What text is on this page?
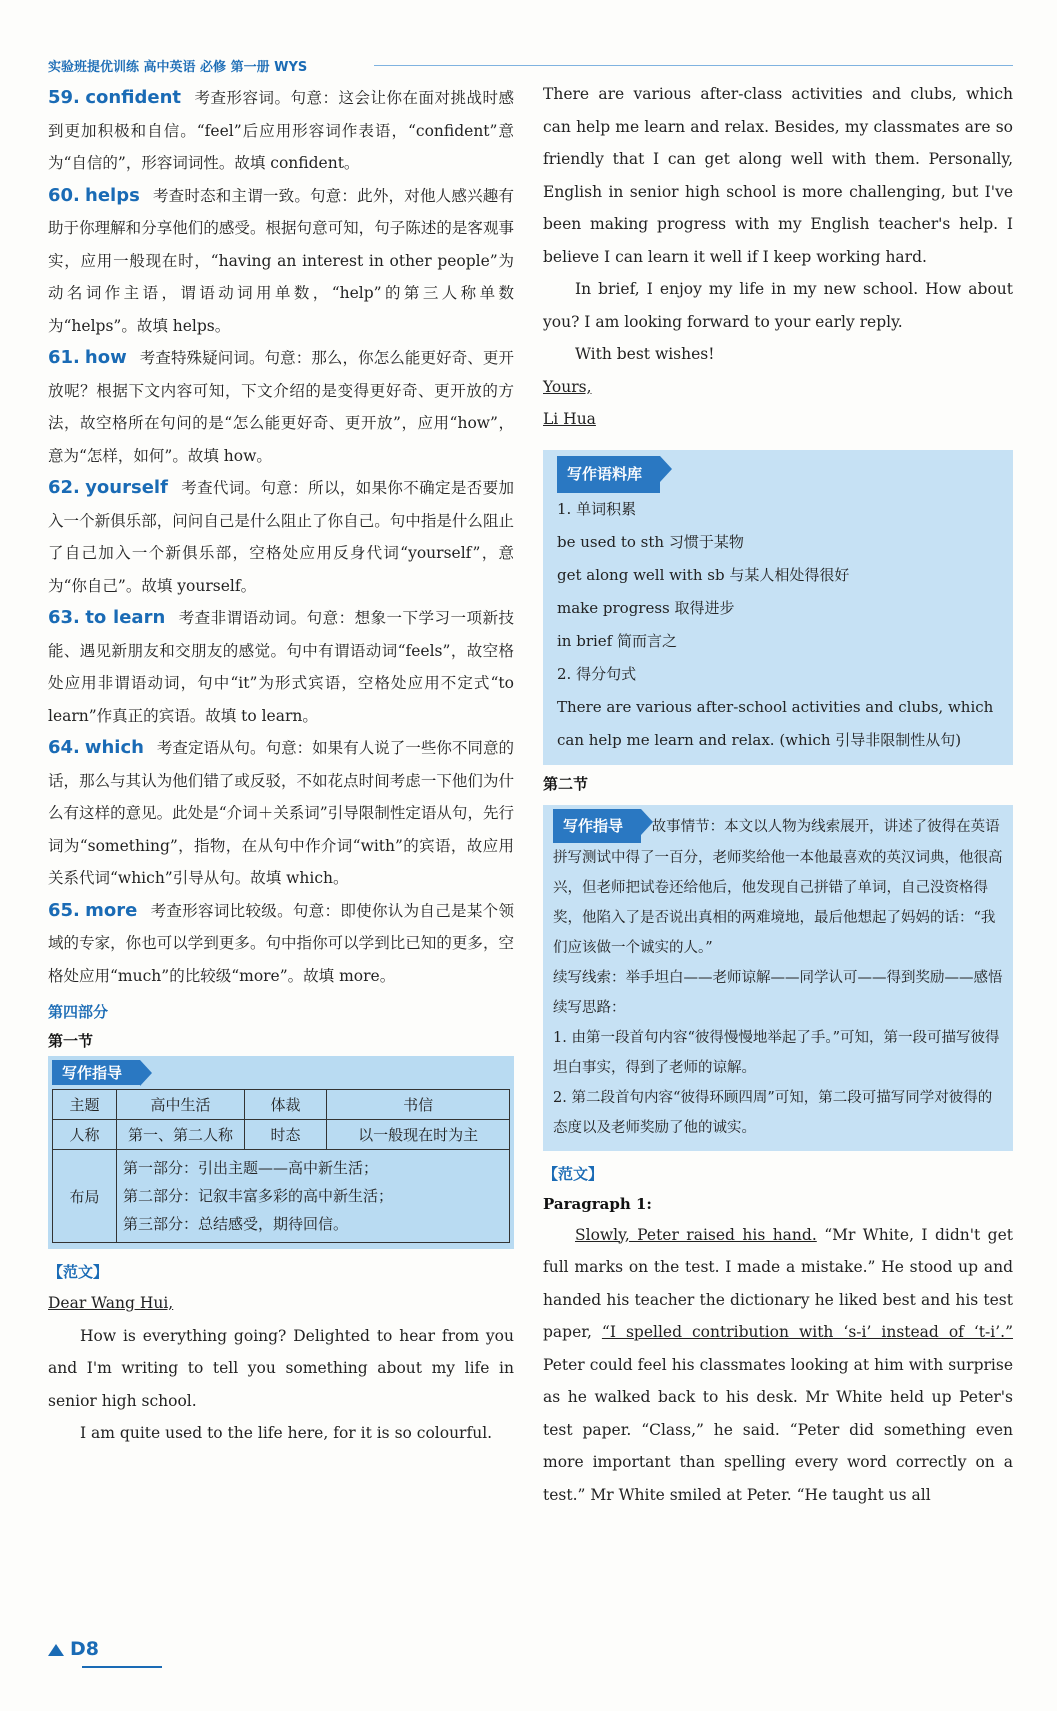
实验班提优训练 高中英语 必修 第一册 WYS
59. confident 考查形容词。句意：这会让你在面对挑战时感到更加积极和自信。“feel”后应用形容词作表语，“confident”意为“自信的”，形容词词性。故填 confident。
60. helps 考查时态和主谓一致。句意：此外，对他人感兴趣有助于你理解和分享他们的感受。根据句意可知，句子陈述的是客观事实，应用一般现在时，“having an interest in other people”为动名词作主语，谓语动词用单数，“help”的第三人称单数为“helps”。故填 helps。
61. how 考查特殊疑问词。句意：那么，你怎么能更好奇、更开放呢？根据下文内容可知，下文介绍的是变得更好奇、更开放的方法，故空格所在句问的是“怎么能更好奇、更开放”，应用“how”，意为“怎样，如何”。故填 how。
62. yourself 考查代词。句意：所以，如果你不确定是否要加入一个新俱乐部，问问自己是什么阻止了你自己。句中指是什么阻止了自己加入一个新俱乐部，空格处应用反身代词“yourself”，意为“你自己”。故填 yourself。
63. to learn 考查非谓语动词。句意：想象一下学习一项新技能、遇见新朋友和交朋友的感觉。句中有谓语动词“feels”，故空格处应用非谓语动词，句中“it”为形式宾语，空格处应用不定式“to learn”作真正的宾语。故填 to learn。
64. which 考查定语从句。句意：如果有人说了一些你不同意的话，那么与其认为他们错了或反驳，不如花点时间考虑一下他们为什么有这样的意见。此处是“介词＋关系词”引导限制性定语从句，先行词为“something”，指物，在从句中作介词“with”的宾语，故应用关系代词“which”引导从句。故填 which。
65. more 考查形容词比较级。句意：即使你认为自己是某个领域的专家，你也可以学到更多。句中指你可以学到比已知的更多，空格处应用“much”的比较级“more”。故填 more。
第四部分
第一节
写作指导
主题	高中生活	体裁	书信
人称	第一、第二人称	时态	以一般现在时为主
布局	第一部分：引出主题——高中新生活；
第二部分：记叙丰富多彩的高中新生活；
第三部分：总结感受，期待回信。		
【范文】

Dear Wang Hui,

How is everything going? Delighted to hear from you and I'm writing to tell you something about my life in senior high school.

I am quite used to the life here, for it is so colourful.

There are various after-class activities and clubs, which can help me learn and relax. Besides, my classmates are so friendly that I can get along well with them. Personally, English in senior high school is more challenging, but I've been making progress with my English teacher's help. I believe I can learn it well if I keep working hard.

In brief, I enjoy my life in my new school. How about you? I am looking forward to your early reply.

With best wishes!

Yours,

Li Hua

写作语料库
1. 单词积累
be used to sth 习惯于某物
get along well with sb 与某人相处得很好
make progress 取得进步
in brief 简而言之
2. 得分句式
There are various after-school activities and clubs, which can help me learn and relax. (which 引导非限制性从句)
第二节
写作指导 故事情节：本文以人物为线索展开，讲述了彼得在英语拼写测试中得了一百分，老师奖给他一本他最喜欢的英汉词典，他很高兴，但老师把试卷还给他后，他发现自己拼错了单词，自己没资格得奖，他陷入了是否说出真相的两难境地，最后他想起了妈妈的话：“我们应该做一个诚实的人。”
续写线索：举手坦白——老师谅解——同学认可——得到奖励——感悟
续写思路：
1. 由第一段首句内容“彼得慢慢地举起了手。”可知，第一段可描写彼得坦白事实，得到了老师的谅解。
2. 第二段首句内容“彼得环顾四周”可知，第二段可描写同学对彼得的态度以及老师奖励了他的诚实。
【范文】
Paragraph 1:

Slowly, Peter raised his hand. “Mr White, I didn't get full marks on the test. I made a mistake.” He stood up and handed his teacher the dictionary he liked best and his test paper, “I spelled contribution with ‘s-i’ instead of ‘t-i’.” Peter could feel his classmates looking at him with surprise as he walked back to his desk. Mr White held up Peter's test paper. “Class,” he said. “Peter did something even more important than spelling every word correctly on a test.” Mr White smiled at Peter. “He taught us all

D8
